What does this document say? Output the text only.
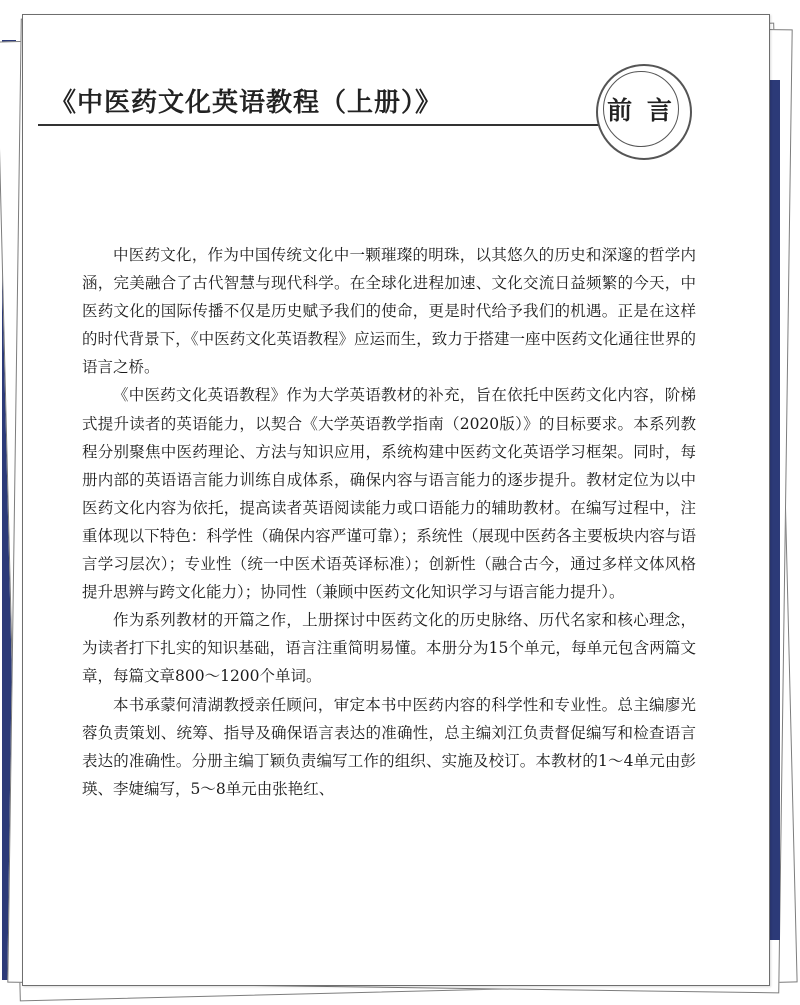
《中医药文化英语教程（上册）》	前 言

中医药文化，作为中国传统文化中一颗璀璨的明珠，以其悠久的历史和深邃的哲学内涵，完美融合了古代智慧与现代科学。在全球化进程加速、文化交流日益频繁的今天，中医药文化的国际传播不仅是历史赋予我们的使命，更是时代给予我们的机遇。正是在这样的时代背景下，《中医药文化英语教程》应运而生，致力于搭建一座中医药文化通往世界的语言之桥。

《中医药文化英语教程》作为大学英语教材的补充，旨在依托中医药文化内容，阶梯式提升读者的英语能力，以契合《大学英语教学指南（2020版）》的目标要求。本系列教程分别聚焦中医药理论、方法与知识应用，系统构建中医药文化英语学习框架。同时，每册内部的英语语言能力训练自成体系，确保内容与语言能力的逐步提升。教材定位为以中医药文化内容为依托，提高读者英语阅读能力或口语能力的辅助教材。在编写过程中，注重体现以下特色：科学性（确保内容严谨可靠）；系统性（展现中医药各主要板块内容与语言学习层次）；专业性（统一中医术语英译标准）；创新性（融合古今，通过多样文体风格提升思辨与跨文化能力）；协同性（兼顾中医药文化知识学习与语言能力提升）。

作为系列教材的开篇之作，上册探讨中医药文化的历史脉络、历代名家和核心理念，为读者打下扎实的知识基础，语言注重简明易懂。本册分为15个单元，每单元包含两篇文章，每篇文章800～1200个单词。

本书承蒙何清湖教授亲任顾问，审定本书中医药内容的科学性和专业性。总主编廖光蓉负责策划、统筹、指导及确保语言表达的准确性，总主编刘江负责督促编写和检查语言表达的准确性。分册主编丁颖负责编写工作的组织、实施及校订。本教材的1～4单元由彭瑛、李婕编写，5～8单元由张艳红、
